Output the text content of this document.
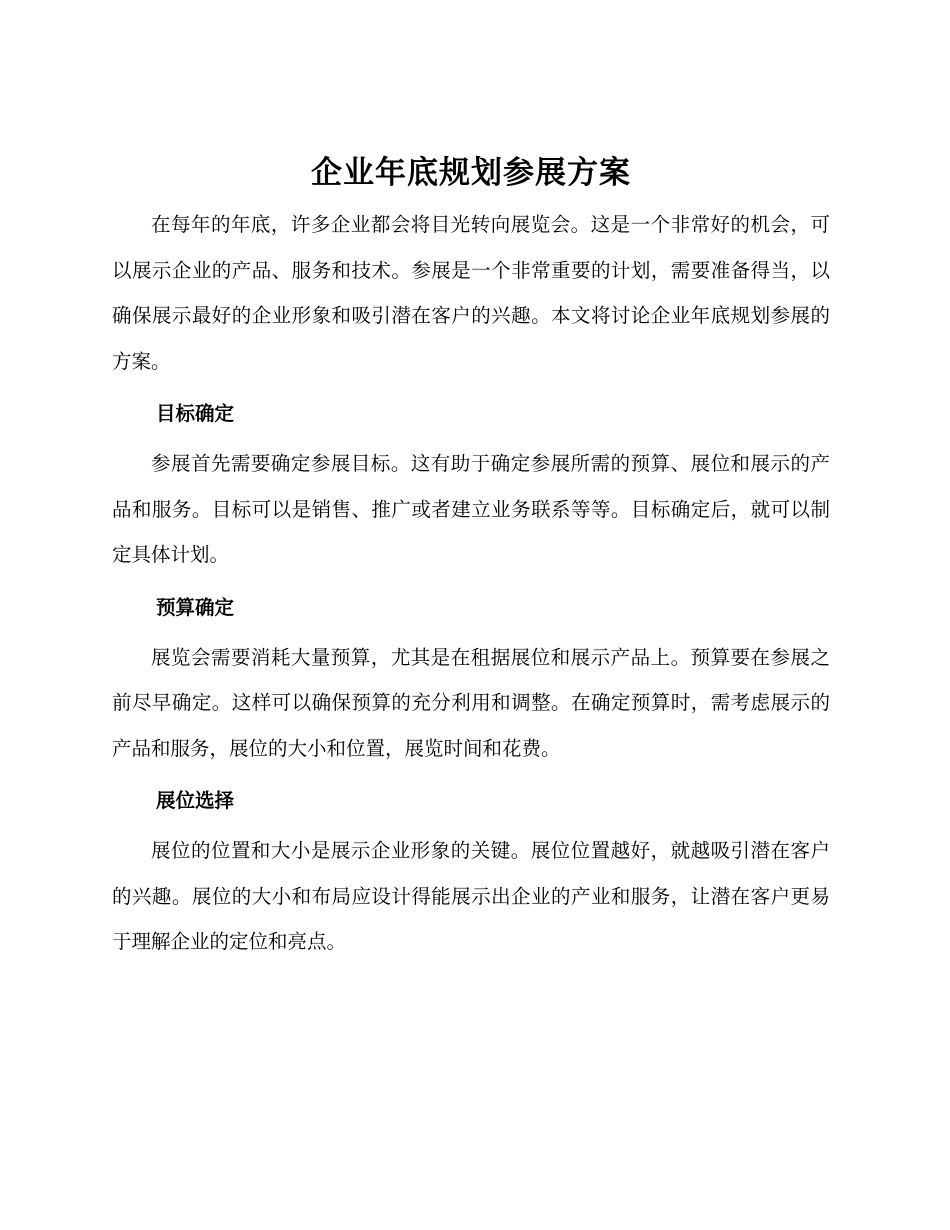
企业年底规划参展方案

在每年的年底，许多企业都会将目光转向展览会。这是一个非常好的机会，可以展示企业的产品、服务和技术。参展是一个非常重要的计划，需要准备得当，以确保展示最好的企业形象和吸引潜在客户的兴趣。本文将讨论企业年底规划参展的方案。

目标确定

参展首先需要确定参展目标。这有助于确定参展所需的预算、展位和展示的产品和服务。目标可以是销售、推广或者建立业务联系等等。目标确定后，就可以制定具体计划。

预算确定

展览会需要消耗大量预算，尤其是在租据展位和展示产品上。预算要在参展之前尽早确定。这样可以确保预算的充分利用和调整。在确定预算时，需考虑展示的产品和服务，展位的大小和位置，展览时间和花费。

展位选择

展位的位置和大小是展示企业形象的关键。展位位置越好，就越吸引潜在客户的兴趣。展位的大小和布局应设计得能展示出企业的产业和服务，让潜在客户更易于理解企业的定位和亮点。
